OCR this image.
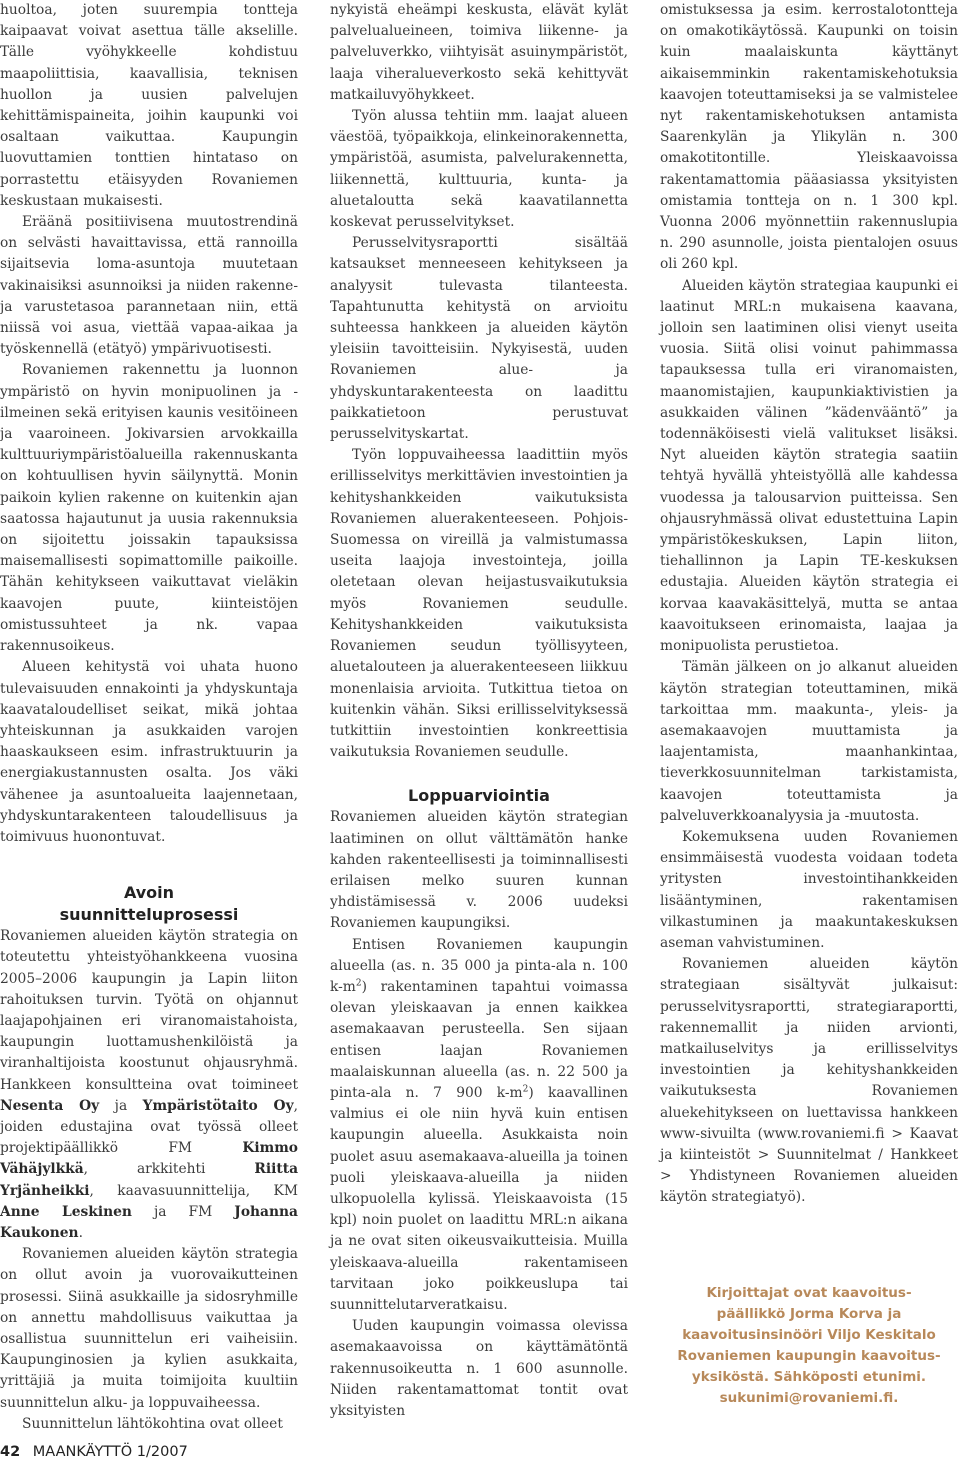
huoltoa, joten suurempia tontteja kaipaavat voivat asettua tälle akselille. Tälle vyöhykkeelle kohdistuu maapoliittisia, kaavallisia, teknisen huollon ja uusien palvelujen kehittämispaineita, joihin kaupunki voi osaltaan vaikuttaa. Kaupungin luovuttamien tonttien hintataso on porrastettu etäisyyden Rovaniemen keskustaan mukaisesti.

Eräänä positiivisena muutostrendinä on selvästi havaittavissa, että rannoilla sijaitsevia loma-asuntoja muutetaan vakinaisiksi asunnoiksi ja niiden rakenne- ja varustetasoa parannetaan niin, että niissä voi asua, viettää vapaa-aikaa ja työskennellä (etätyö) ympärivuotisesti.

Rovaniemen rakennettu ja luonnon ympäristö on hyvin monipuolinen ja -ilmeinen sekä erityisen kaunis vesitöineen ja vaaroineen. Jokivarsien arvokkailla kulttuuriympäristöalueilla rakennuskanta on kohtuullisen hyvin säilynyttä. Monin paikoin kylien rakenne on kuitenkin ajan saatossa hajautunut ja uusia rakennuksia on sijoitettu joissakin tapauksissa maisemallisesti sopimattomille paikoille. Tähän kehitykseen vaikuttavat vieläkin kaavojen puute, kiinteistöjen omistussuhteet ja nk. vapaa rakennusoikeus.

Alueen kehitystä voi uhata huono tulevaisuuden ennakointi ja yhdyskuntaja kaavataloudelliset seikat, mikä johtaa yhteiskunnan ja asukkaiden varojen haaskaukseen esim. infrastruktuurin ja energiakustannusten osalta. Jos väki vähenee ja asuntoalueita laajennetaan, yhdyskuntarakenteen taloudellisuus ja toimivuus huonontuvat.

Avoin
suunnitteluprosessi

Rovaniemen alueiden käytön strategia on toteutettu yhteistyöhankkeena vuosina 2005–2006 kaupungin ja Lapin liiton rahoituksen turvin. Työtä on ohjannut laajapohjainen eri viranomaistahoista, kaupungin luottamushenkilöistä ja viranhaltijoista koostunut ohjausryhmä. Hankkeen konsultteina ovat toimineet Nesenta Oy ja Ympäristötaito Oy, joiden edustajina ovat työssä olleet projektipäällikkö FM	Kimmo Vähäjylkkä, arkkitehti	Riitta Yrjänheikki, kaavasuunnittelija, KM Anne Leskinen ja FM Johanna Kaukonen.

Rovaniemen alueiden käytön strategia on ollut avoin ja vuorovaikutteinen prosessi. Siinä asukkaille ja sidosryhmille on annettu mahdollisuus vaikuttaa ja osallistua suunnittelun eri vaiheisiin. Kaupunginosien ja kylien asukkaita, yrittäjiä ja muita toimijoita kuultiin suunnittelun alku- ja loppuvaiheessa.

Suunnittelun lähtökohtina ovat olleet

nykyistä eheämpi keskusta, elävät kylät palvelualueineen, toimiva liikenne- ja palveluverkko, viihtyisät asuinympäristöt, laaja viheralueverkosto sekä kehittyvät matkailuvyöhykkeet.

Työn alussa tehtiin mm. laajat alueen väestöä, työpaikkoja, elinkeinorakennetta, ympäristöä, asumista, palvelurakennetta, liikennettä, kulttuuria, kunta- ja aluetaloutta sekä kaavatilannetta koskevat perusselvitykset.

Perusselvitysraportti sisältää katsaukset menneeseen kehitykseen ja analyysit tulevasta tilanteesta. Tapahtunutta kehitystä on arvioitu suhteessa hankkeen ja alueiden käytön yleisiin tavoitteisiin. Nykyisestä, uuden Rovaniemen alue- ja yhdyskuntarakenteesta on laadittu paikkatietoon perustuvat perusselvityskartat.

Työn loppuvaiheessa laadittiin myös erillisselvitys merkittävien investointien ja kehityshankkeiden vaikutuksista Rovaniemen aluerakenteeseen. Pohjois-Suomessa on vireillä ja valmistumassa useita laajoja investointeja, joilla oletetaan olevan heijastusvaikutuksia myös Rovaniemen seudulle. Kehityshankkeiden vaikutuksista Rovaniemen seudun työllisyyteen, aluetalouteen ja aluerakenteeseen liikkuu monenlaisia arvioita. Tutkittua tietoa on kuitenkin vähän. Siksi erillisselvityksessä tutkittiin investointien konkreettisia vaikutuksia Rovaniemen seudulle.

Loppuarviointia

Rovaniemen alueiden käytön strategian laatiminen on ollut välttämätön hanke kahden rakenteellisesti ja toiminnallisesti erilaisen melko suuren kunnan yhdistämisessä v. 2006 uudeksi Rovaniemen kaupungiksi.

Entisen Rovaniemen kaupungin alueella (as. n. 35 000 ja pinta-ala n. 100 $k-m^2$) rakentaminen tapahtui voimassa olevan yleiskaavan ja ennen kaikkea asemakaavan perusteella. Sen sijaan entisen laajan Rovaniemen maalaiskunnan alueella (as. n. 22 500 ja pinta-ala n. 7 900 $k-m^2$) kaavallinen valmius ei ole niin hyvä kuin entisen kaupungin alueella. Asukkaista noin puolet asuu asemakaava-alueilla ja toinen puoli yleiskaava-alueilla ja niiden ulkopuolella kylissä. Yleiskaavoista (15 kpl) noin puolet on laadittu MRL:n aikana ja ne ovat siten oikeusvaikutteisia. Muilla yleiskaava-alueilla rakentamiseen tarvitaan joko poikkeuslupa tai suunnittelutarveratkaisu.

Uuden kaupungin voimassa olevissa asemakaavoissa on käyttämätöntä rakennusoikeutta n. 1 600 asunnolle. Niiden rakentamattomat tontit ovat yksityisten

omistuksessa ja esim. kerrostalotontteja on omakotikäytössä. Kaupunki on toisin kuin maalaiskunta käyttänyt aikaisemminkin rakentamiskehotuksia kaavojen toteuttamiseksi ja se valmistelee nyt rakentamiskehotuksen antamista Saarenkylän ja Ylikylän n. 300 omakotitontille. Yleiskaavoissa rakentamattomia pääasiassa yksityisten omistamia tontteja on n. 1 300 kpl. Vuonna 2006 myönnettiin rakennuslupia n. 290 asunnolle, joista pientalojen osuus oli 260 kpl.

Alueiden käytön strategiaa kaupunki ei laatinut MRL:n mukaisena kaavana, jolloin sen laatiminen olisi vienyt useita vuosia. Siitä olisi voinut pahimmassa tapauksessa tulla eri viranomaisten, maanomistajien, kaupunkiaktivistien ja asukkaiden välinen ”kädenvääntö” ja todennäköisesti vielä valitukset lisäksi. Nyt alueiden käytön strategia saatiin tehtyä hyvällä yhteistyöllä alle kahdessa vuodessa ja talousarvion puitteissa. Sen ohjausryhmässä olivat edustettuina Lapin ympäristökeskuksen, Lapin liiton, tiehallinnon ja Lapin TE-keskuksen edustajia. Alueiden käytön strategia ei korvaa kaavakäsittelyä, mutta se antaa kaavoitukseen erinomaista, laajaa ja monipuolista perustietoa.

Tämän jälkeen on jo alkanut alueiden käytön strategian toteuttaminen, mikä tarkoittaa mm. maakunta-, yleis- ja asemakaavojen muuttamista ja laajentamista, maanhankintaa, tieverkkosuunnitelman tarkistamista, kaavojen toteuttamista ja palveluverkkoanalyysia ja -muutosta.

Kokemuksena uuden Rovaniemen ensimmäisestä vuodesta voidaan todeta yritysten investointihankkeiden lisääntyminen, rakentamisen vilkastuminen ja maakuntakeskuksen aseman vahvistuminen.

Rovaniemen alueiden käytön strategiaan sisältyvät julkaisut: perusselvitysraportti, strategiaraportti, rakennemallit ja niiden arvionti, matkailuselvitys ja erillisselvitys investointien ja kehityshankkeiden vaikutuksesta Rovaniemen aluekehitykseen on luettavissa hankkeen www-sivuilta (www.rovaniemi.fi > Kaavat ja kiinteistöt > Suunnitelmat / Hankkeet > Yhdistyneen Rovaniemen alueiden käytön strategiatyö).

Kirjoittajat ovat kaavoitus-
päällikkö Jorma Korva ja
kaavoitusinsinööri Viljo Keskitalo
Rovaniemen kaupungin kaavoitus-
yksiköstä. Sähköposti etunimi.
sukunimi@rovaniemi.fi.
42 MAANKÄYTTÖ 1/2007
